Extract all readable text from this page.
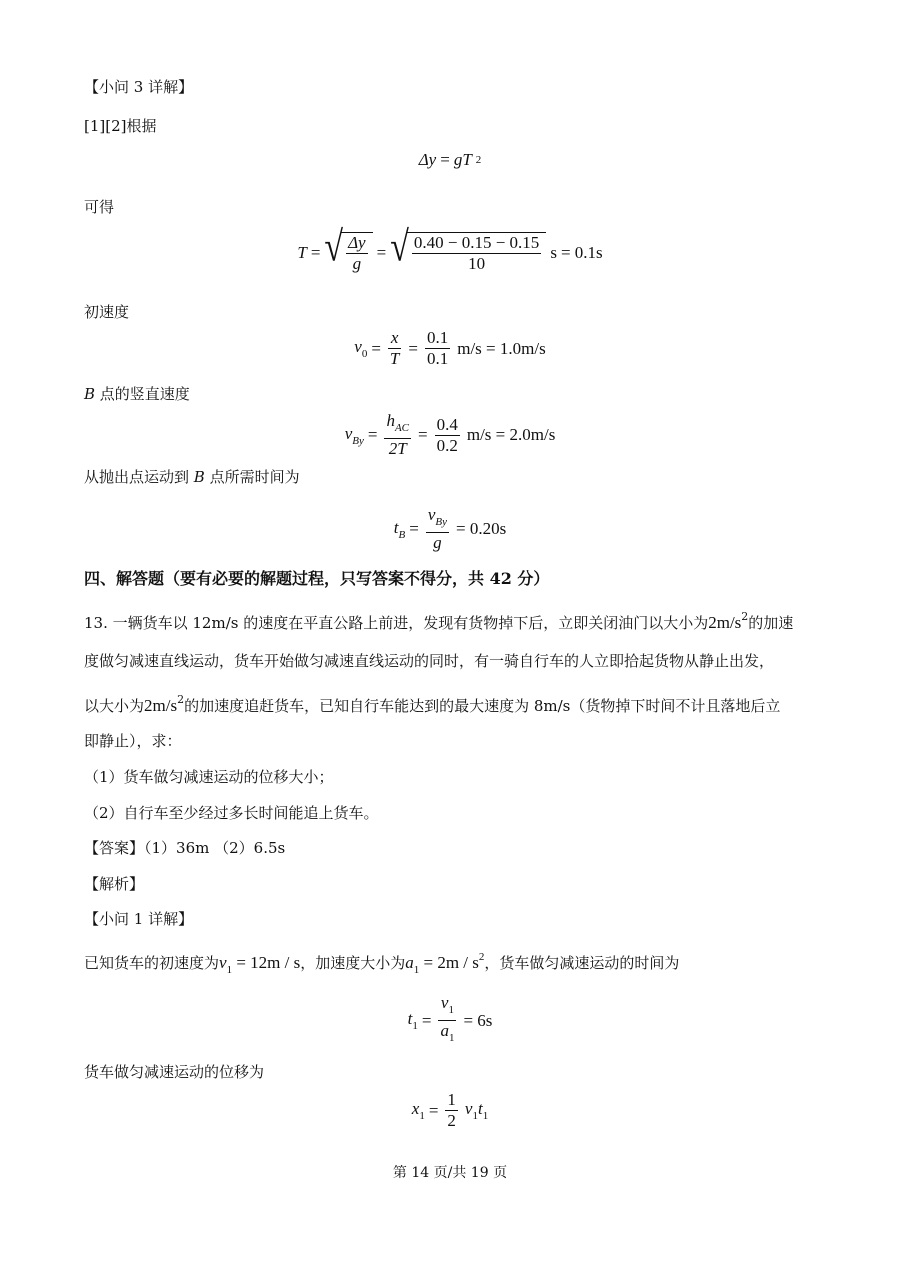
【小问 3 详解】
[1][2]根据
Δy = gT 2
可得
T = √ $\frac{\Delta y}{g}$ = √ $\frac{0.40 - 0.15 - 0.15}{10}$ s = 0.1s
初速度
$v_0 = \frac{x}{T} = \frac{0.1}{0.1} m/s = 1.0m/s$
B 点的竖直速度
$v_{By} = \frac{h_{AC}}{2T} = \frac{0.4}{0.2} m/s = 2.0m/s$
从抛出点运动到 B 点所需时间为
$t_B = \frac{v_{By}}{g} = 0.20s$
四、解答题（要有必要的解题过程，只写答案不得分，共 42 分）
13. 一辆货车以 12m/s 的速度在平直公路上前进，发现有货物掉下后，立即关闭油门以大小为$2m/s^2$的加速
度做匀减速直线运动，货车开始做匀减速直线运动的同时，有一骑自行车的人立即拾起货物从静止出发，
以大小为$2m/s^2$的加速度追赶货车，已知自行车能达到的最大速度为 8m/s（货物掉下时间不计且落地后立
即静止），求：
（1）货车做匀减速运动的位移大小；
（2）自行车至少经过多长时间能追上货车。
【答案】（1）36m （2）6.5s
【解析】
【小问 1 详解】
已知货车的初速度为$v_1 = 12m / s$，加速度大小为$a_1 = 2m / s^2$，货车做匀减速运动的时间为
$t_1 = \frac{v_1}{a_1} = 6s$
货车做匀减速运动的位移为
$x_1 = \frac{1}{2} v_1t_1$
第 14 页/共 19 页
